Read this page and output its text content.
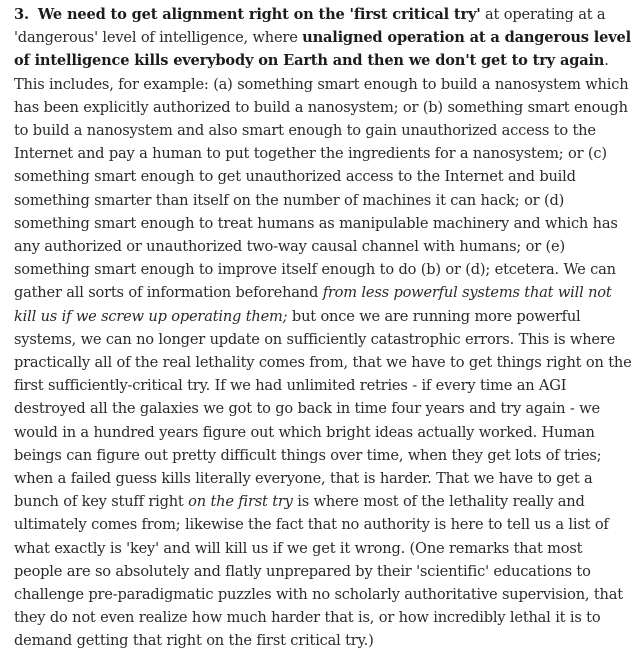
3. We need to get alignment right on the 'first critical try' at operating at a 'dangerous' level of intelligence, where unaligned operation at a dangerous level of intelligence kills everybody on Earth and then we don't get to try again. This includes, for example: (a) something smart enough to build a nanosystem which has been explicitly authorized to build a nanosystem; or (b) something smart enough to build a nanosystem and also smart enough to gain unauthorized access to the Internet and pay a human to put together the ingredients for a nanosystem; or (c) something smart enough to get unauthorized access to the Internet and build something smarter than itself on the number of machines it can hack; or (d) something smart enough to treat humans as manipulable machinery and which has any authorized or unauthorized two-way causal channel with humans; or (e) something smart enough to improve itself enough to do (b) or (d); etcetera. We can gather all sorts of information beforehand from less powerful systems that will not kill us if we screw up operating them; but once we are running more powerful systems, we can no longer update on sufficiently catastrophic errors. This is where practically all of the real lethality comes from, that we have to get things right on the first sufficiently-critical try. If we had unlimited retries - if every time an AGI destroyed all the galaxies we got to go back in time four years and try again - we would in a hundred years figure out which bright ideas actually worked. Human beings can figure out pretty difficult things over time, when they get lots of tries; when a failed guess kills literally everyone, that is harder. That we have to get a bunch of key stuff right on the first try is where most of the lethality really and ultimately comes from; likewise the fact that no authority is here to tell us a list of what exactly is 'key' and will kill us if we get it wrong. (One remarks that most people are so absolutely and flatly unprepared by their 'scientific' educations to challenge pre-paradigmatic puzzles with no scholarly authoritative supervision, that they do not even realize how much harder that is, or how incredibly lethal it is to demand getting that right on the first critical try.)
